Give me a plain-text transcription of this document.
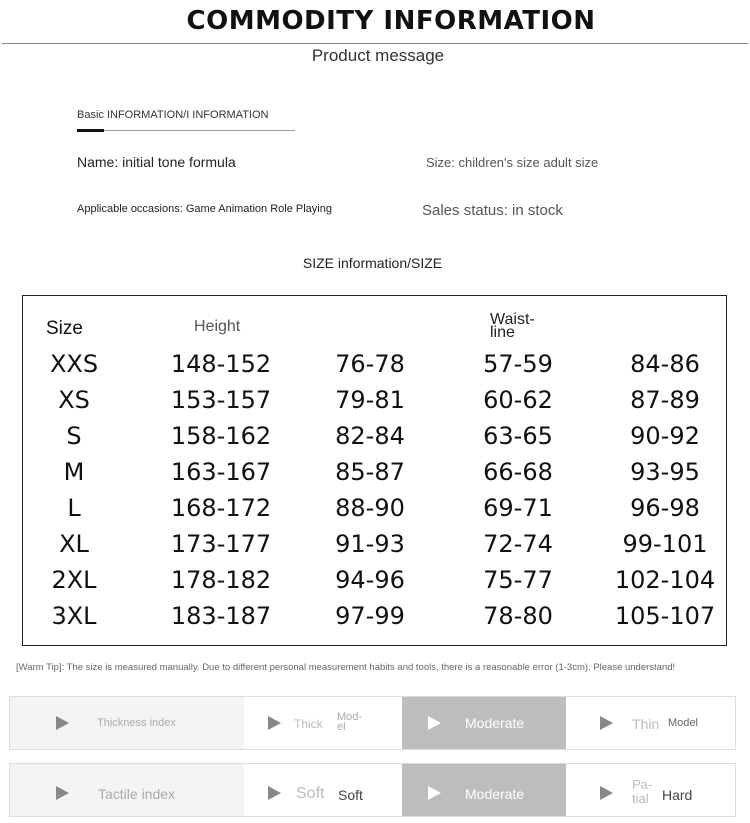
COMMODITY INFORMATION
Product message
Basic INFORMATION/I INFORMATION
Name: initial tone formula	Size: children's size adult size
Applicable occasions: Game Animation Role Playing	Sales status: in stock
SIZE information/SIZE
Size	Height	Waist-
line
XXS	148-152	76-78	57-59	84-86
XS	153-157	79-81	60-62	87-89
S	158-162	82-84	63-65	90-92
M	163-167	85-87	66-68	93-95
L	168-172	88-90	69-71	96-98
XL	173-177	91-93	72-74	99-101
2XL	178-182	94-96	75-77	102-104
3XL	183-187	97-99	78-80	105-107
[Warm Tip]: The size is measured manually. Due to different personal measurement habits and tools, there is a reasonable error (1-3cm). Please understand!
Thickness index	Thick Mod-
el	Moderate	Thin Model
Tactile index	Soft Soft	Moderate
Pa-
tial Hard
